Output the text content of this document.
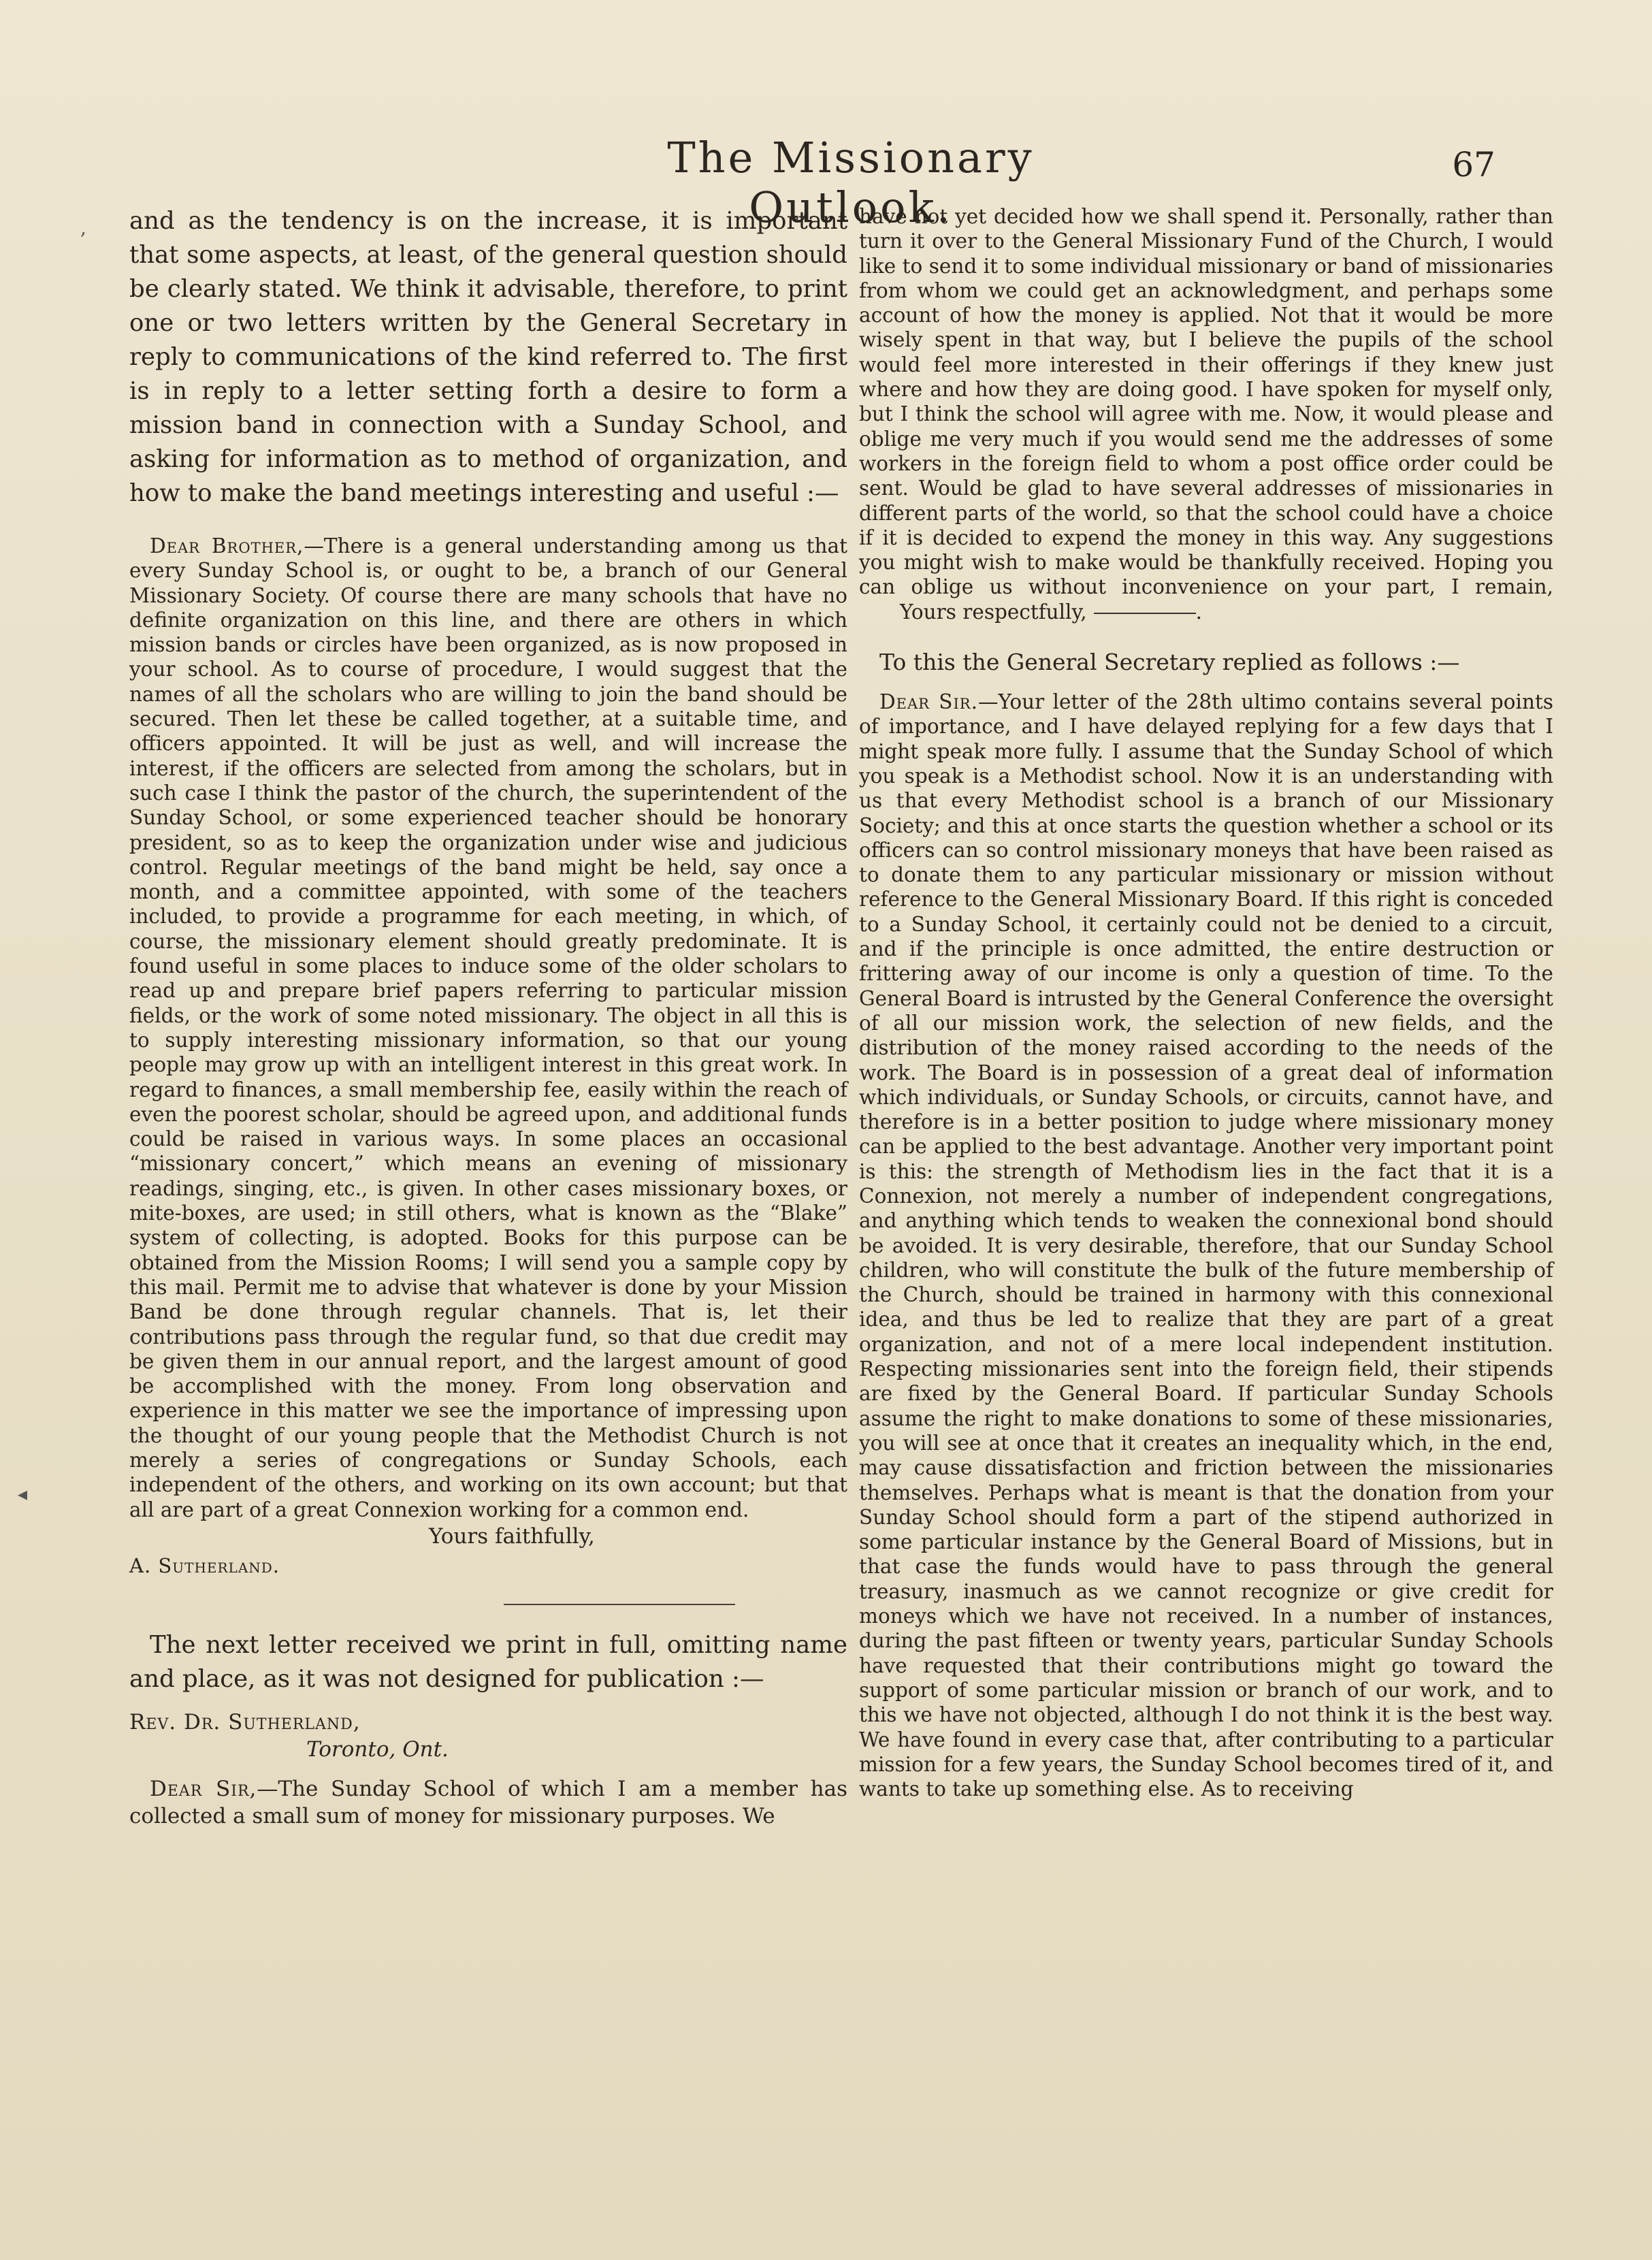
The Missionary Outlook.
67
,
◂

and as the tendency is on the increase, it is important that some aspects, at least, of the general question should be clearly stated. We think it advisable, therefore, to print one or two letters written by the General Secretary in reply to communications of the kind referred to. The first is in reply to a letter setting forth a desire to form a mission band in connection with a Sunday School, and asking for information as to method of organization, and how to make the band meetings interesting and useful :—

Dear Brother,—There is a general understanding among us that every Sunday School is, or ought to be, a branch of our General Missionary Society. Of course there are many schools that have no definite organization on this line, and there are others in which mission bands or circles have been organized, as is now proposed in your school. As to course of procedure, I would suggest that the names of all the scholars who are willing to join the band should be secured. Then let these be called together, at a suitable time, and officers appointed. It will be just as well, and will increase the interest, if the officers are selected from among the scholars, but in such case I think the pastor of the church, the superintendent of the Sunday School, or some experienced teacher should be honorary president, so as to keep the organization under wise and judicious control. Regular meetings of the band might be held, say once a month, and a committee appointed, with some of the teachers included, to provide a programme for each meeting, in which, of course, the missionary element should greatly predominate. It is found useful in some places to induce some of the older scholars to read up and prepare brief papers referring to particular mission fields, or the work of some noted missionary. The object in all this is to supply interesting missionary information, so that our young people may grow up with an intelligent interest in this great work. In regard to finances, a small membership fee, easily within the reach of even the poorest scholar, should be agreed upon, and additional funds could be raised in various ways. In some places an occasional “missionary concert,” which means an evening of missionary readings, singing, etc., is given. In other cases missionary boxes, or mite-boxes, are used; in still others, what is known as the “Blake” system of collecting, is adopted. Books for this purpose can be obtained from the Mission Rooms; I will send you a sample copy by this mail. Permit me to advise that whatever is done by your Mission Band be done through regular channels. That is, let their contributions pass through the regular fund, so that due credit may be given them in our annual report, and the largest amount of good be accomplished with the money. From long observation and experience in this matter we see the importance of impressing upon the thought of our young people that the Methodist Church is not merely a series of congregations or Sunday Schools, each independent of the others, and working on its own account; but that all are part of a great Connexion working for a common end.

Yours faithfully,

A. Sutherland.

The next letter received we print in full, omitting name and place, as it was not designed for publication :—

Rev. Dr. Sutherland,

Toronto, Ont.

Dear Sir,—The Sunday School of which I am a member has collected a small sum of money for missionary purposes. We

have not yet decided how we shall spend it. Personally, rather than turn it over to the General Missionary Fund of the Church, I would like to send it to some individual missionary or band of missionaries from whom we could get an acknowledgment, and perhaps some account of how the money is applied. Not that it would be more wisely spent in that way, but I believe the pupils of the school would feel more interested in their offerings if they knew just where and how they are doing good. I have spoken for myself only, but I think the school will agree with me. Now, it would please and oblige me very much if you would send me the addresses of some workers in the foreign field to whom a post office order could be sent. Would be glad to have several addresses of missionaries in different parts of the world, so that the school could have a choice if it is decided to expend the money in this way. Any suggestions you might wish to make would be thankfully received. Hoping you can oblige us without inconvenience on your part, I remain, Yours respectfully,	.

To this the General Secretary replied as follows :—

Dear Sir.—Your letter of the 28th ultimo contains several points of importance, and I have delayed replying for a few days that I might speak more fully. I assume that the Sunday School of which you speak is a Methodist school. Now it is an understanding with us that every Methodist school is a branch of our Missionary Society; and this at once starts the question whether a school or its officers can so control missionary moneys that have been raised as to donate them to any particular missionary or mission without reference to the General Missionary Board. If this right is conceded to a Sunday School, it certainly could not be denied to a circuit, and if the principle is once admitted, the entire destruction or frittering away of our income is only a question of time. To the General Board is intrusted by the General Conference the oversight of all our mission work, the selection of new fields, and the distribution of the money raised according to the needs of the work. The Board is in possession of a great deal of information which individuals, or Sunday Schools, or circuits, cannot have, and therefore is in a better position to judge where missionary money can be applied to the best advantage. Another very important point is this: the strength of Methodism lies in the fact that it is a Connexion, not merely a number of independent congregations, and anything which tends to weaken the connexional bond should be avoided. It is very desirable, therefore, that our Sunday School children, who will constitute the bulk of the future membership of the Church, should be trained in harmony with this connexional idea, and thus be led to realize that they are part of a great organization, and not of a mere local independent institution. Respecting missionaries sent into the foreign field, their stipends are fixed by the General Board. If particular Sunday Schools assume the right to make donations to some of these missionaries, you will see at once that it creates an inequality which, in the end, may cause dissatisfaction and friction between the missionaries themselves. Perhaps what is meant is that the donation from your Sunday School should form a part of the stipend authorized in some particular instance by the General Board of Missions, but in that case the funds would have to pass through the general treasury, inasmuch as we cannot recognize or give credit for moneys which we have not received. In a number of instances, during the past fifteen or twenty years, particular Sunday Schools have requested that their contributions might go toward the support of some particular mission or branch of our work, and to this we have not objected, although I do not think it is the best way. We have found in every case that, after contributing to a particular mission for a few years, the Sunday School becomes tired of it, and wants to take up something else. As to receiving
